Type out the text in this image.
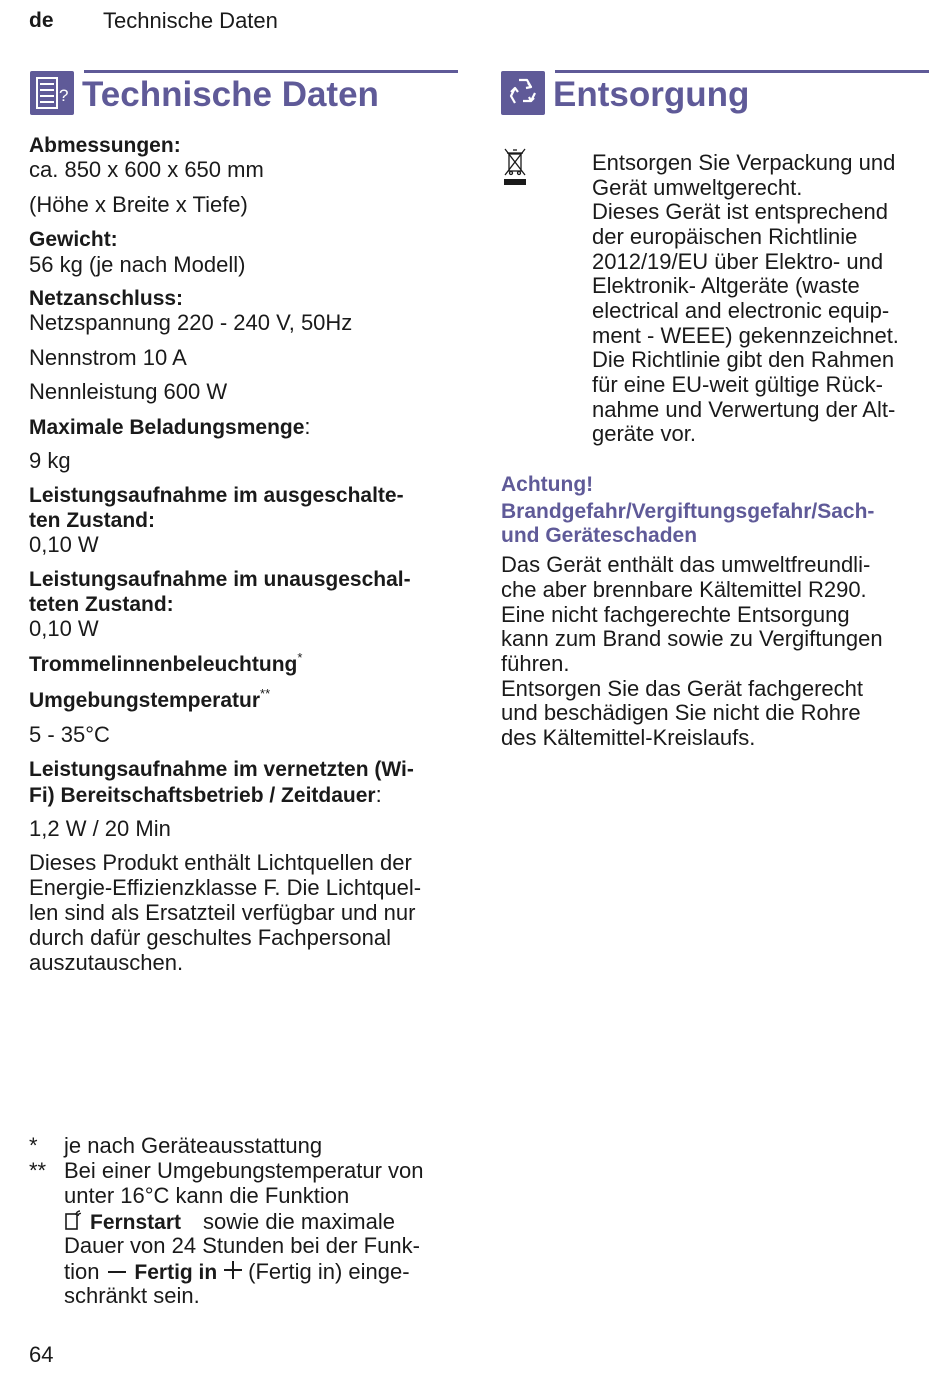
de Technische Daten
? Technische Daten
Abmessungen:
ca. 850 x 600 x 650 mm
(Höhe x Breite x Tiefe)
Gewicht:
56 kg (je nach Modell)
Netzanschluss:
Netzspannung 220 - 240 V, 50Hz
Nennstrom 10 A
Nennleistung 600 W
Maximale Beladungsmenge:
9 kg
Leistungsaufnahme im ausgeschalte-
ten Zustand:
0,10 W
Leistungsaufnahme im unausgeschal-
teten Zustand:
0,10 W
Trommelinnenbeleuchtung*
Umgebungstemperatur**
5 - 35°C
Leistungsaufnahme im vernetzten (Wi-
Fi) Bereitschaftsbetrieb / Zeitdauer:
1,2 W / 20 Min
Dieses Produkt enthält Lichtquellen der
Energie-Effizienzklasse F. Die Lichtquel-
len sind als Ersatzteil verfügbar und nur
durch dafür geschultes Fachpersonal
auszutauschen.
* je nach Geräteausstattung
** Bei einer Umgebungstemperatur von
unter 16°C kann die Funktion
Fernstart sowie die maximale
Dauer von 24 Stunden bei der Funk-
tion Fertig in (Fertig in) einge-
schränkt sein.
Entsorgung
Entsorgen Sie Verpackung und
Gerät umweltgerecht.
Dieses Gerät ist entsprechend
der europäischen Richtlinie
2012/19/EU über Elektro- und
Elektronik- Altgeräte (waste
electrical and electronic equip-
ment - WEEE) gekennzeichnet.
Die Richtlinie gibt den Rahmen
für eine EU-weit gültige Rück-
nahme und Verwertung der Alt-
geräte vor.
Achtung!
Brandgefahr/Vergiftungsgefahr/Sach-
und Geräteschaden
Das Gerät enthält das umweltfreundli-
che aber brennbare Kältemittel R290.
Eine nicht fachgerechte Entsorgung
kann zum Brand sowie zu Vergiftungen
führen.
Entsorgen Sie das Gerät fachgerecht
und beschädigen Sie nicht die Rohre
des Kältemittel-Kreislaufs.
64
